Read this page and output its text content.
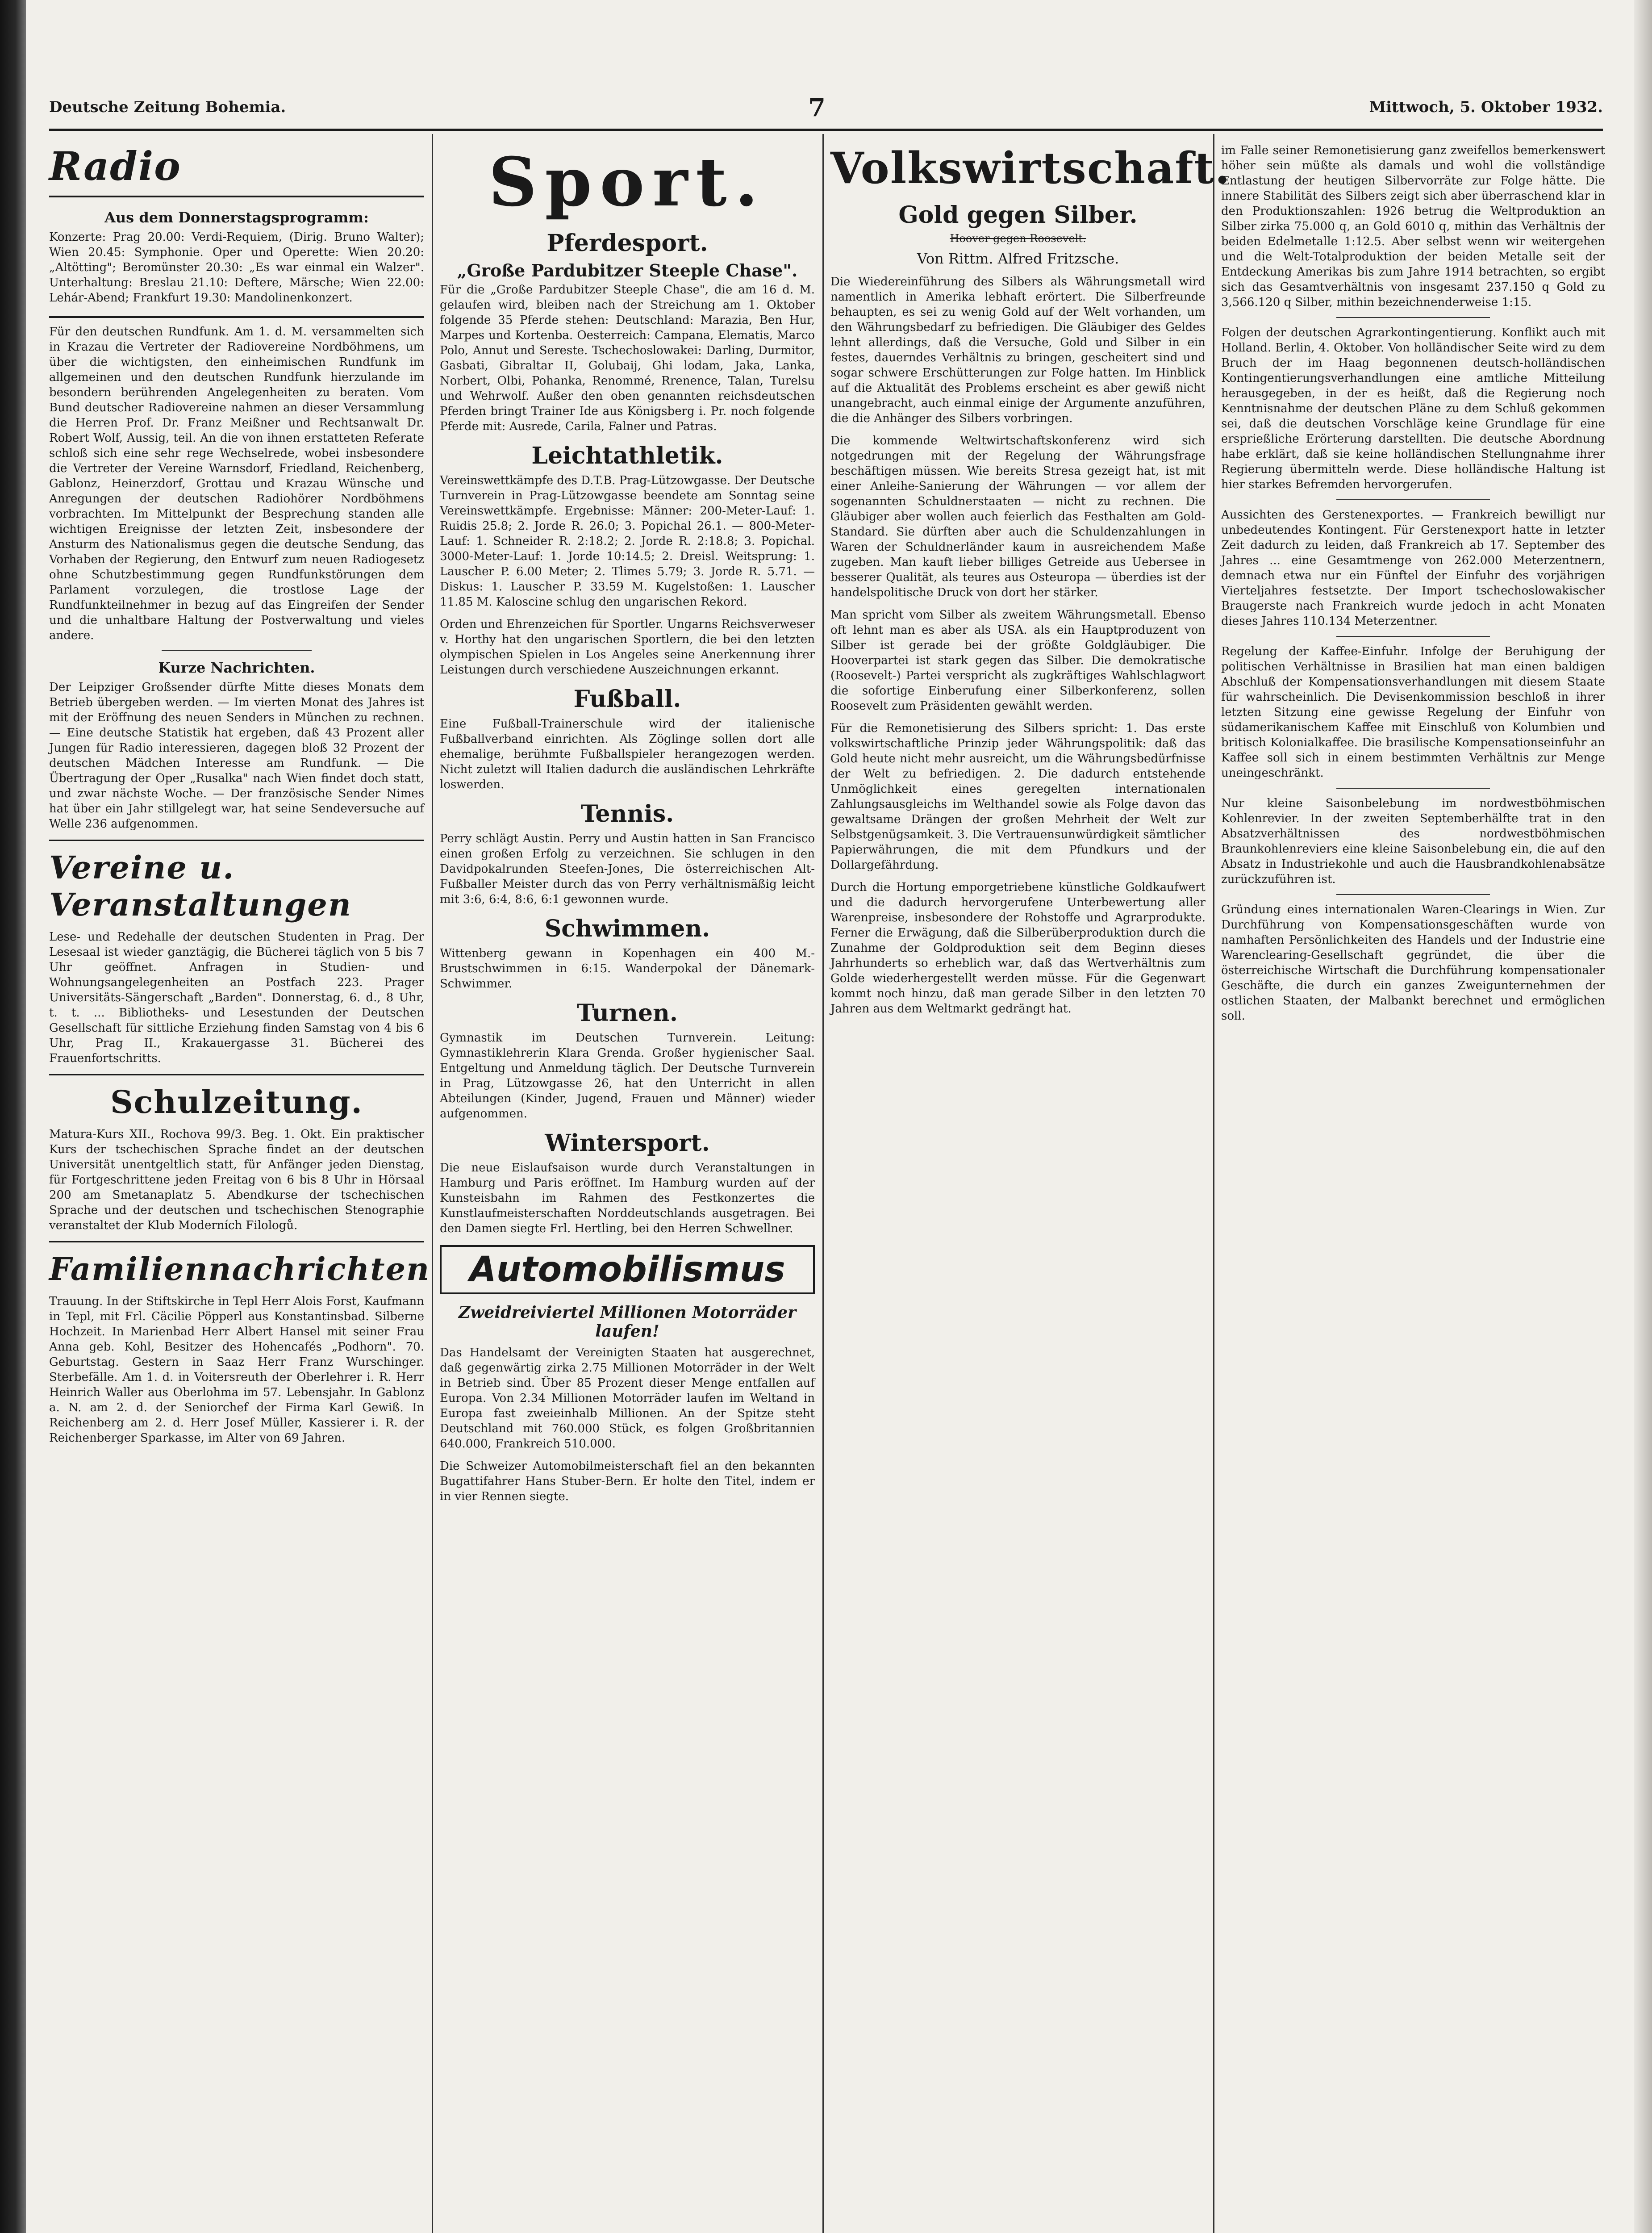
Deutsche Zeitung Bohemia.	7	Mittwoch, 5. Oktober 1932.
Radio
Aus dem Donnerstagsprogramm:

Konzerte: Prag 20.00: Verdi-Requiem, (Dirig. Bruno Walter); Wien 20.45: Symphonie. Oper und Operette: Wien 20.20: „Altötting"; Beromünster 20.30: „Es war einmal ein Walzer". Unterhaltung: Breslau 21.10: Deftere, Märsche; Wien 22.00: Lehár-Abend; Frankfurt 19.30: Mandolinenkonzert.

Für den deutschen Rundfunk. Am 1. d. M. versammelten sich in Krazau die Vertreter der Radiovereine Nordböhmens, um über die wichtigsten, den einheimischen Rundfunk im allgemeinen und den deutschen Rundfunk hierzulande im besondern berührenden Angelegenheiten zu beraten. Vom Bund deutscher Radiovereine nahmen an dieser Versammlung die Herren Prof. Dr. Franz Meißner und Rechtsanwalt Dr. Robert Wolf, Aussig, teil. An die von ihnen erstatteten Referate schloß sich eine sehr rege Wechselrede, wobei insbesondere die Vertreter der Vereine Warnsdorf, Friedland, Reichenberg, Gablonz, Heinerzdorf, Grottau und Krazau Wünsche und Anregungen der deutschen Radiohörer Nordböhmens vorbrachten. Im Mittelpunkt der Besprechung standen alle wichtigen Ereignisse der letzten Zeit, insbesondere der Ansturm des Nationalismus gegen die deutsche Sendung, das Vorhaben der Regierung, den Entwurf zum neuen Radiogesetz ohne Schutzbestimmung gegen Rundfunkstörungen dem Parlament vorzulegen, die trostlose Lage der Rundfunkteilnehmer in bezug auf das Eingreifen der Sender und die unhaltbare Haltung der Postverwaltung und vieles andere.

Kurze Nachrichten.

Der Leipziger Großsender dürfte Mitte dieses Monats dem Betrieb übergeben werden. — Im vierten Monat des Jahres ist mit der Eröffnung des neuen Senders in München zu rechnen. — Eine deutsche Statistik hat ergeben, daß 43 Prozent aller Jungen für Radio interessieren, dagegen bloß 32 Prozent der deutschen Mädchen Interesse am Rundfunk. — Die Übertragung der Oper „Rusalka" nach Wien findet doch statt, und zwar nächste Woche. — Der französische Sender Nimes hat über ein Jahr stillgelegt war, hat seine Sendeversuche auf Welle 236 aufgenommen.

Vereine u. Veranstaltungen

Lese- und Redehalle der deutschen Studenten in Prag. Der Lesesaal ist wieder ganztägig, die Bücherei täglich von 5 bis 7 Uhr geöffnet. Anfragen in Studien- und Wohnungsangelegenheiten an Postfach 223. Prager Universitäts-Sängerschaft „Barden". Donnerstag, 6. d., 8 Uhr, t. t. ... Bibliotheks- und Lesestunden der Deutschen Gesellschaft für sittliche Erziehung finden Samstag von 4 bis 6 Uhr, Prag II., Krakauergasse 31. Bücherei des Frauenfortschritts.

Schulzeitung.

Matura-Kurs XII., Rochova 99/3. Beg. 1. Okt. Ein praktischer Kurs der tschechischen Sprache findet an der deutschen Universität unentgeltlich statt, für Anfänger jeden Dienstag, für Fortgeschrittene jeden Freitag von 6 bis 8 Uhr in Hörsaal 200 am Smetanaplatz 5. Abendkurse der tschechischen Sprache und der deutschen und tschechischen Stenographie veranstaltet der Klub Moderních Filologů.

Familiennachrichten

Trauung. In der Stiftskirche in Tepl Herr Alois Forst, Kaufmann in Tepl, mit Frl. Cäcilie Pöpperl aus Konstantinsbad. Silberne Hochzeit. In Marienbad Herr Albert Hansel mit seiner Frau Anna geb. Kohl, Besitzer des Hohencafés „Podhorn". 70. Geburtstag. Gestern in Saaz Herr Franz Wurschinger. Sterbefälle. Am 1. d. in Voitersreuth der Oberlehrer i. R. Herr Heinrich Waller aus Oberlohma im 57. Lebensjahr. In Gablonz a. N. am 2. d. der Seniorchef der Firma Karl Gewiß. In Reichenberg am 2. d. Herr Josef Müller, Kassierer i. R. der Reichenberger Sparkasse, im Alter von 69 Jahren.

Sport.
Pferdesport.
„Große Pardubitzer Steeple Chase".

Für die „Große Pardubitzer Steeple Chase", die am 16 d. M. gelaufen wird, bleiben nach der Streichung am 1. Oktober folgende 35 Pferde stehen: Deutschland: Marazia, Ben Hur, Marpes und Kortenba. Oesterreich: Campana, Elematis, Marco Polo, Annut und Sereste. Tschechoslowakei: Darling, Durmitor, Gasbati, Gibraltar II, Golubaij, Ghi lodam, Jaka, Lanka, Norbert, Olbi, Pohanka, Renommé, Rrenence, Talan, Turelsu und Wehrwolf. Außer den oben genannten reichsdeutschen Pferden bringt Trainer Ide aus Königsberg i. Pr. noch folgende Pferde mit: Ausrede, Carila, Falner und Patras.

Leichtathletik.

Vereinswettkämpfe des D.T.B. Prag-Lützowgasse. Der Deutsche Turnverein in Prag-Lützowgasse beendete am Sonntag seine Vereinswettkämpfe. Ergebnisse: Männer: 200-Meter-Lauf: 1. Ruidis 25.8; 2. Jorde R. 26.0; 3. Popichal 26.1. — 800-Meter-Lauf: 1. Schneider R. 2:18.2; 2. Jorde R. 2:18.8; 3. Popichal. 3000-Meter-Lauf: 1. Jorde 10:14.5; 2. Dreisl. Weitsprung: 1. Lauscher P. 6.00 Meter; 2. Tlimes 5.79; 3. Jorde R. 5.71. — Diskus: 1. Lauscher P. 33.59 M. Kugelstoßen: 1. Lauscher 11.85 M. Kaloscine schlug den ungarischen Rekord.

Orden und Ehrenzeichen für Sportler. Ungarns Reichsverweser v. Horthy hat den ungarischen Sportlern, die bei den letzten olympischen Spielen in Los Angeles seine Anerkennung ihrer Leistungen durch verschiedene Auszeichnungen erkannt.

Fußball.

Eine Fußball-Trainerschule wird der italienische Fußballverband einrichten. Als Zöglinge sollen dort alle ehemalige, berühmte Fußballspieler herangezogen werden. Nicht zuletzt will Italien dadurch die ausländischen Lehrkräfte loswerden.

Tennis.

Perry schlägt Austin. Perry und Austin hatten in San Francisco einen großen Erfolg zu verzeichnen. Sie schlugen in den Davidpokalrunden Steefen-Jones, Die österreichischen Alt-Fußballer Meister durch das von Perry verhältnismäßig leicht mit 3:6, 6:4, 8:6, 6:1 gewonnen wurde.

Schwimmen.

Wittenberg gewann in Kopenhagen ein 400 M.-Brustschwimmen in 6:15. Wanderpokal der Dänemark-Schwimmer.

Turnen.

Gymnastik im Deutschen Turnverein. Leitung: Gymnastiklehrerin Klara Grenda. Großer hygienischer Saal. Entgeltung und Anmeldung täglich. Der Deutsche Turnverein in Prag, Lützowgasse 26, hat den Unterricht in allen Abteilungen (Kinder, Jugend, Frauen und Männer) wieder aufgenommen.

Wintersport.

Die neue Eislaufsaison wurde durch Veranstaltungen in Hamburg und Paris eröffnet. Im Hamburg wurden auf der Kunsteisbahn im Rahmen des Festkonzertes die Kunstlaufmeisterschaften Norddeutschlands ausgetragen. Bei den Damen siegte Frl. Hertling, bei den Herren Schwellner.

Automobilismus
Zweidreiviertel Millionen Motorräder laufen!

Das Handelsamt der Vereinigten Staaten hat ausgerechnet, daß gegenwärtig zirka 2.75 Millionen Motorräder in der Welt in Betrieb sind. Über 85 Prozent dieser Menge entfallen auf Europa. Von 2.34 Millionen Motorräder laufen im Weltand in Europa fast zweieinhalb Millionen. An der Spitze steht Deutschland mit 760.000 Stück, es folgen Großbritannien 640.000, Frankreich 510.000.

Die Schweizer Automobilmeisterschaft fiel an den bekannten Bugattifahrer Hans Stuber-Bern. Er holte den Titel, indem er in vier Rennen siegte.

Volkswirtschaft.
Gold gegen Silber.
Hoover gegen Roosevelt.
Von Rittm. Alfred Fritzsche.

Die Wiedereinführung des Silbers als Währungsmetall wird namentlich in Amerika lebhaft erörtert. Die Silberfreunde behaupten, es sei zu wenig Gold auf der Welt vorhanden, um den Währungsbedarf zu befriedigen. Die Gläubiger des Geldes lehnt allerdings, daß die Versuche, Gold und Silber in ein festes, dauerndes Verhältnis zu bringen, gescheitert sind und sogar schwere Erschütterungen zur Folge hatten. Im Hinblick auf die Aktualität des Problems erscheint es aber gewiß nicht unangebracht, auch einmal einige der Argumente anzuführen, die die Anhänger des Silbers vorbringen.

Die kommende Weltwirtschaftskonferenz wird sich notgedrungen mit der Regelung der Währungsfrage beschäftigen müssen. Wie bereits Stresa gezeigt hat, ist mit einer Anleihe-Sanierung der Währungen — vor allem der sogenannten Schuldnerstaaten — nicht zu rechnen. Die Gläubiger aber wollen auch feierlich das Festhalten am Gold-Standard. Sie dürften aber auch die Schuldenzahlungen in Waren der Schuldnerländer kaum in ausreichendem Maße zugeben. Man kauft lieber billiges Getreide aus Uebersee in besserer Qualität, als teures aus Osteuropa — überdies ist der handelspolitische Druck von dort her stärker.

Man spricht vom Silber als zweitem Währungsmetall. Ebenso oft lehnt man es aber als USA. als ein Hauptproduzent von Silber ist gerade bei der größte Goldgläubiger. Die Hooverpartei ist stark gegen das Silber. Die demokratische (Roosevelt-) Partei verspricht als zugkräftiges Wahlschlagwort die sofortige Einberufung einer Silberkonferenz, sollen Roosevelt zum Präsidenten gewählt werden.

Für die Remonetisierung des Silbers spricht: 1. Das erste volkswirtschaftliche Prinzip jeder Währungspolitik: daß das Gold heute nicht mehr ausreicht, um die Währungsbedürfnisse der Welt zu befriedigen. 2. Die dadurch entstehende Unmöglichkeit eines geregelten internationalen Zahlungsausgleichs im Welthandel sowie als Folge davon das gewaltsame Drängen der großen Mehrheit der Welt zur Selbstgenügsamkeit. 3. Die Vertrauensunwürdigkeit sämtlicher Papierwährungen, die mit dem Pfundkurs und der Dollargefährdung.

Durch die Hortung emporgetriebene künstliche Goldkaufwert und die dadurch hervorgerufene Unterbewertung aller Warenpreise, insbesondere der Rohstoffe und Agrarprodukte. Ferner die Erwägung, daß die Silberüberproduktion durch die Zunahme der Goldproduktion seit dem Beginn dieses Jahrhunderts so erheblich war, daß das Wertverhältnis zum Golde wiederhergestellt werden müsse. Für die Gegenwart kommt noch hinzu, daß man gerade Silber in den letzten 70 Jahren aus dem Weltmarkt gedrängt hat.

im Falle seiner Remonetisierung ganz zweifellos bemerkenswert höher sein müßte als damals und wohl die vollständige Entlastung der heutigen Silbervorräte zur Folge hätte. Die innere Stabilität des Silbers zeigt sich aber überraschend klar in den Produktionszahlen: 1926 betrug die Weltproduktion an Silber zirka 75.000 q, an Gold 6010 q, mithin das Verhältnis der beiden Edelmetalle 1:12.5. Aber selbst wenn wir weitergehen und die Welt-Totalproduktion der beiden Metalle seit der Entdeckung Amerikas bis zum Jahre 1914 betrachten, so ergibt sich das Gesamtverhältnis von insgesamt 237.150 q Gold zu 3,566.120 q Silber, mithin bezeichnenderweise 1:15.

Folgen der deutschen Agrarkontingentierung. Konflikt auch mit Holland. Berlin, 4. Oktober. Von holländischer Seite wird zu dem Bruch der im Haag begonnenen deutsch-holländischen Kontingentierungsverhandlungen eine amtliche Mitteilung herausgegeben, in der es heißt, daß die Regierung noch Kenntnisnahme der deutschen Pläne zu dem Schluß gekommen sei, daß die deutschen Vorschläge keine Grundlage für eine ersprießliche Erörterung darstellten. Die deutsche Abordnung habe erklärt, daß sie keine holländischen Stellungnahme ihrer Regierung übermitteln werde. Diese holländische Haltung ist hier starkes Befremden hervorgerufen.

Aussichten des Gerstenexportes. — Frankreich bewilligt nur unbedeutendes Kontingent. Für Gerstenexport hatte in letzter Zeit dadurch zu leiden, daß Frankreich ab 17. September des Jahres ... eine Gesamtmenge von 262.000 Meterzentnern, demnach etwa nur ein Fünftel der Einfuhr des vorjährigen Vierteljahres festsetzte. Der Import tschechoslowakischer Braugerste nach Frankreich wurde jedoch in acht Monaten dieses Jahres 110.134 Meterzentner.

Regelung der Kaffee-Einfuhr. Infolge der Beruhigung der politischen Verhältnisse in Brasilien hat man einen baldigen Abschluß der Kompensationsverhandlungen mit diesem Staate für wahrscheinlich. Die Devisenkommission beschloß in ihrer letzten Sitzung eine gewisse Regelung der Einfuhr von südamerikanischem Kaffee mit Einschluß von Kolumbien und britisch Kolonialkaffee. Die brasilische Kompensationseinfuhr an Kaffee soll sich in einem bestimmten Verhältnis zur Menge uneingeschränkt.

Nur kleine Saisonbelebung im nordwestböhmischen Kohlenrevier. In der zweiten Septemberhälfte trat in den Absatzverhältnissen des nordwestböhmischen Braunkohlenreviers eine kleine Saisonbelebung ein, die auf den Absatz in Industriekohle und auch die Hausbrandkohlenabsätze zurückzuführen ist.

Gründung eines internationalen Waren-Clearings in Wien. Zur Durchführung von Kompensationsgeschäften wurde von namhaften Persönlichkeiten des Handels und der Industrie eine Warenclearing-Gesellschaft gegründet, die über die österreichische Wirtschaft die Durchführung kompensationaler Geschäfte, die durch ein ganzes Zweigunternehmen der ostlichen Staaten, der Malbankt berechnet und ermöglichen soll.
